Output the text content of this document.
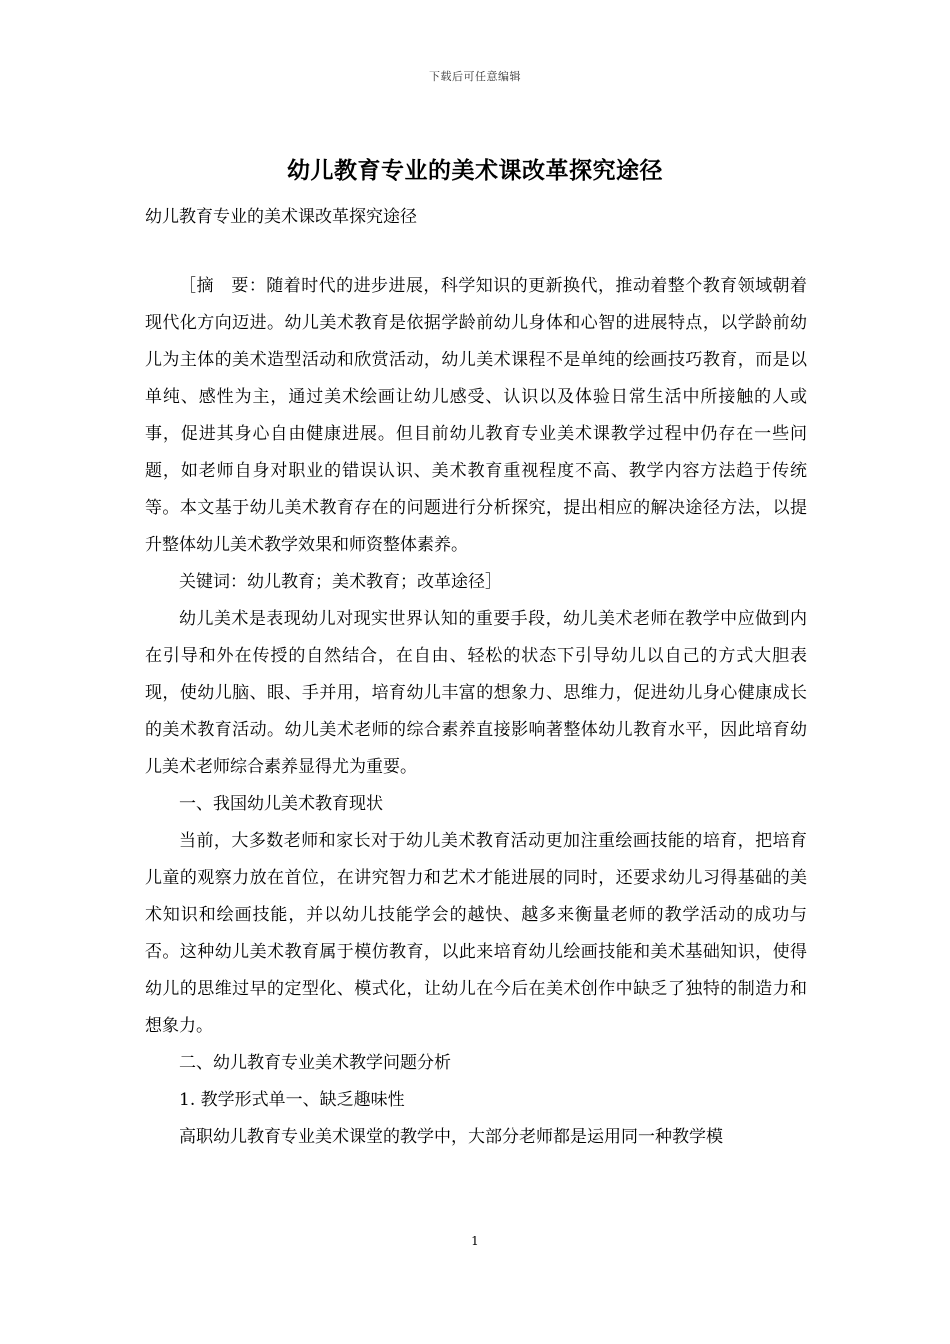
下载后可任意编辑
幼儿教育专业的美术课改革探究途径
幼儿教育专业的美术课改革探究途径

［摘　要：随着时代的进步进展，科学知识的更新换代，推动着整个教育领域朝着现代化方向迈进。幼儿美术教育是依据学龄前幼儿身体和心智的进展特点，以学龄前幼儿为主体的美术造型活动和欣赏活动，幼儿美术课程不是单纯的绘画技巧教育，而是以单纯、感性为主，通过美术绘画让幼儿感受、认识以及体验日常生活中所接触的人或事，促进其身心自由健康进展。但目前幼儿教育专业美术课教学过程中仍存在一些问题，如老师自身对职业的错误认识、美术教育重视程度不高、教学内容方法趋于传统等。本文基于幼儿美术教育存在的问题进行分析探究，提出相应的解决途径方法，以提升整体幼儿美术教学效果和师资整体素养。

关键词：幼儿教育；美术教育；改革途径］

幼儿美术是表现幼儿对现实世界认知的重要手段，幼儿美术老师在教学中应做到内在引导和外在传授的自然结合，在自由、轻松的状态下引导幼儿以自己的方式大胆表现，使幼儿脑、眼、手并用，培育幼儿丰富的想象力、思维力，促进幼儿身心健康成长的美术教育活动。幼儿美术老师的综合素养直接影响著整体幼儿教育水平，因此培育幼儿美术老师综合素养显得尤为重要。

一、我国幼儿美术教育现状

当前，大多数老师和家长对于幼儿美术教育活动更加注重绘画技能的培育，把培育儿童的观察力放在首位，在讲究智力和艺术才能进展的同时，还要求幼儿习得基础的美术知识和绘画技能，并以幼儿技能学会的越快、越多来衡量老师的教学活动的成功与否。这种幼儿美术教育属于模仿教育，以此来培育幼儿绘画技能和美术基础知识，使得幼儿的思维过早的定型化、模式化，让幼儿在今后在美术创作中缺乏了独特的制造力和想象力。

二、幼儿教育专业美术教学问题分析

1. 教学形式单一、缺乏趣味性

高职幼儿教育专业美术课堂的教学中，大部分老师都是运用同一种教学模

1
